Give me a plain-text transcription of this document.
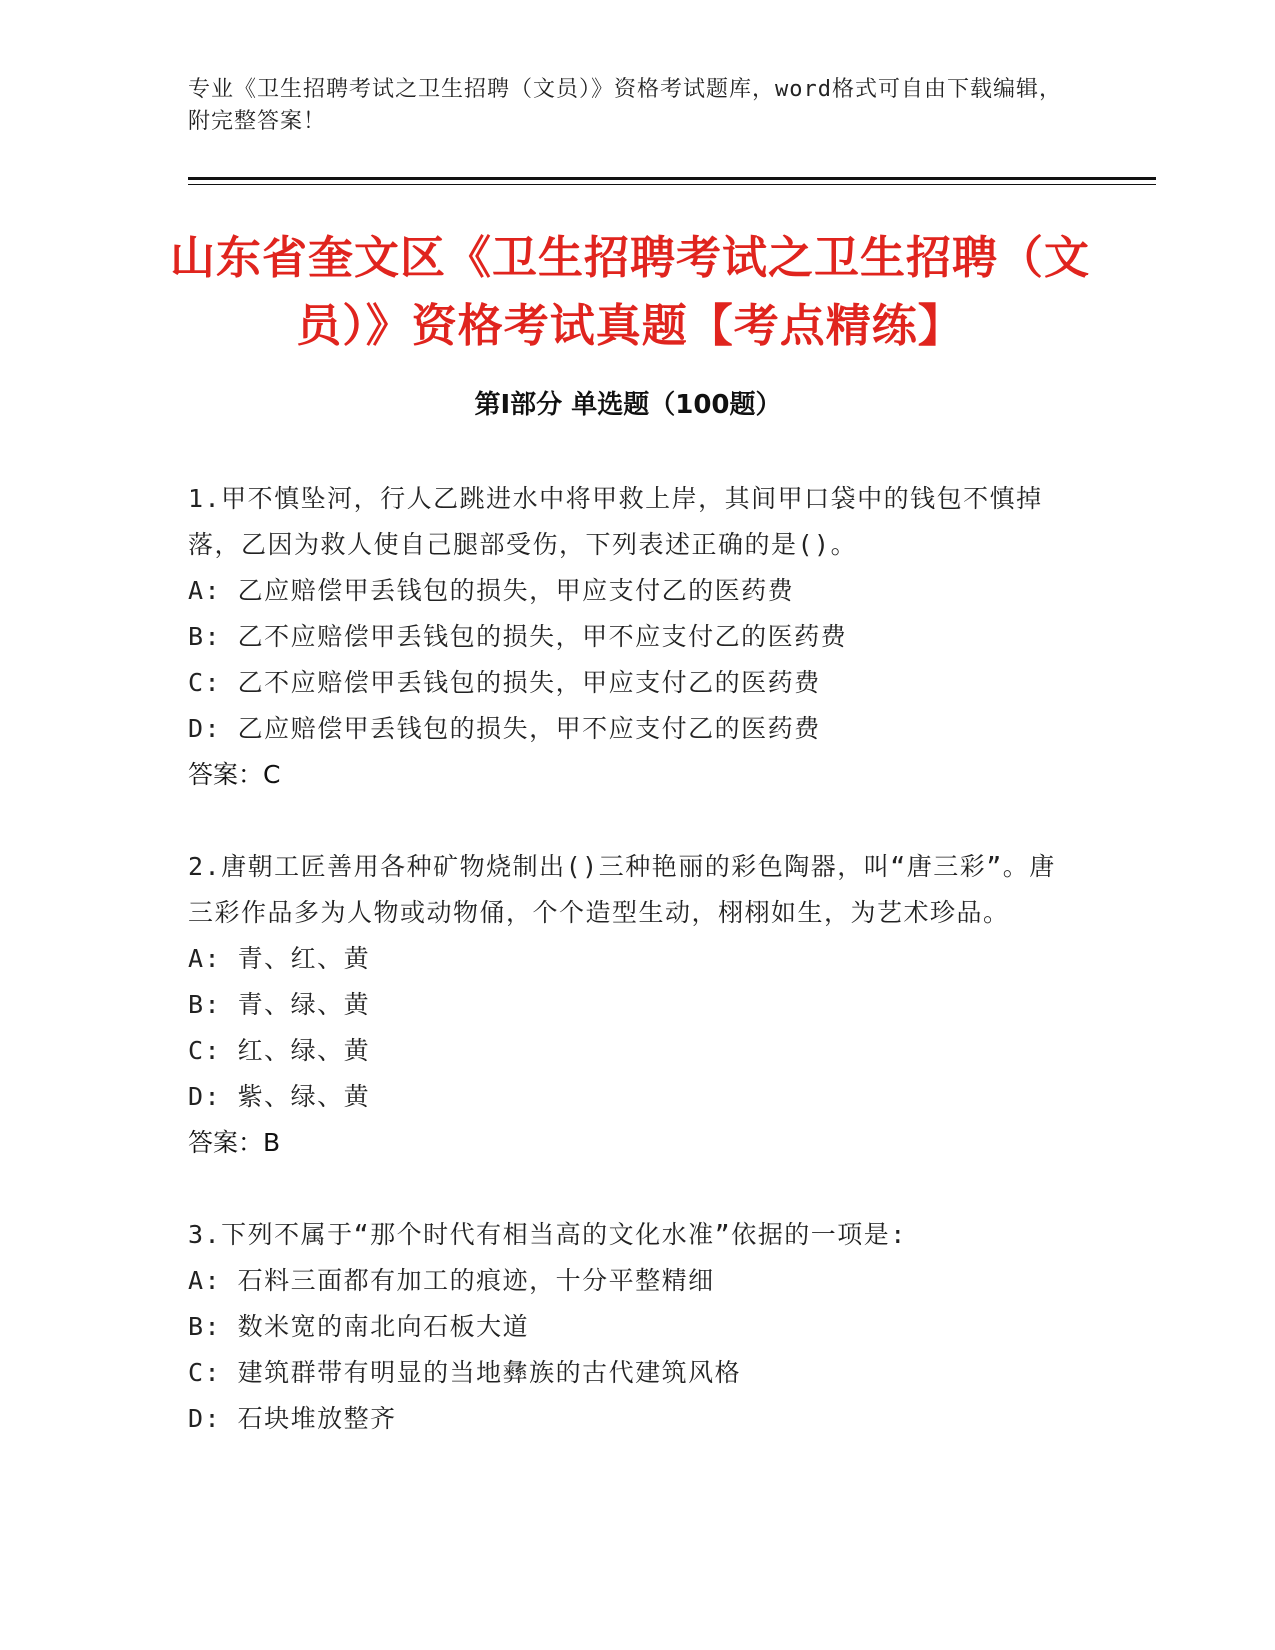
专业《卫生招聘考试之卫生招聘（文员）》资格考试题库，word格式可自由下载编辑，附完整答案！
山东省奎文区《卫生招聘考试之卫生招聘（文员）》资格考试真题【考点精练】
第Ⅰ部分 单选题（100题）
1.甲不慎坠河，行人乙跳进水中将甲救上岸，其间甲口袋中的钱包不慎掉落，乙因为救人使自己腿部受伤，下列表述正确的是()。
A: 乙应赔偿甲丢钱包的损失，甲应支付乙的医药费
B: 乙不应赔偿甲丢钱包的损失，甲不应支付乙的医药费
C: 乙不应赔偿甲丢钱包的损失，甲应支付乙的医药费
D: 乙应赔偿甲丢钱包的损失，甲不应支付乙的医药费
答案：C
2.唐朝工匠善用各种矿物烧制出()三种艳丽的彩色陶器，叫“唐三彩”。唐三彩作品多为人物或动物俑，个个造型生动，栩栩如生，为艺术珍品。
A: 青、红、黄
B: 青、绿、黄
C: 红、绿、黄
D: 紫、绿、黄
答案：B
3.下列不属于“那个时代有相当高的文化水准”依据的一项是:
A: 石料三面都有加工的痕迹，十分平整精细
B: 数米宽的南北向石板大道
C: 建筑群带有明显的当地彝族的古代建筑风格
D: 石块堆放整齐
